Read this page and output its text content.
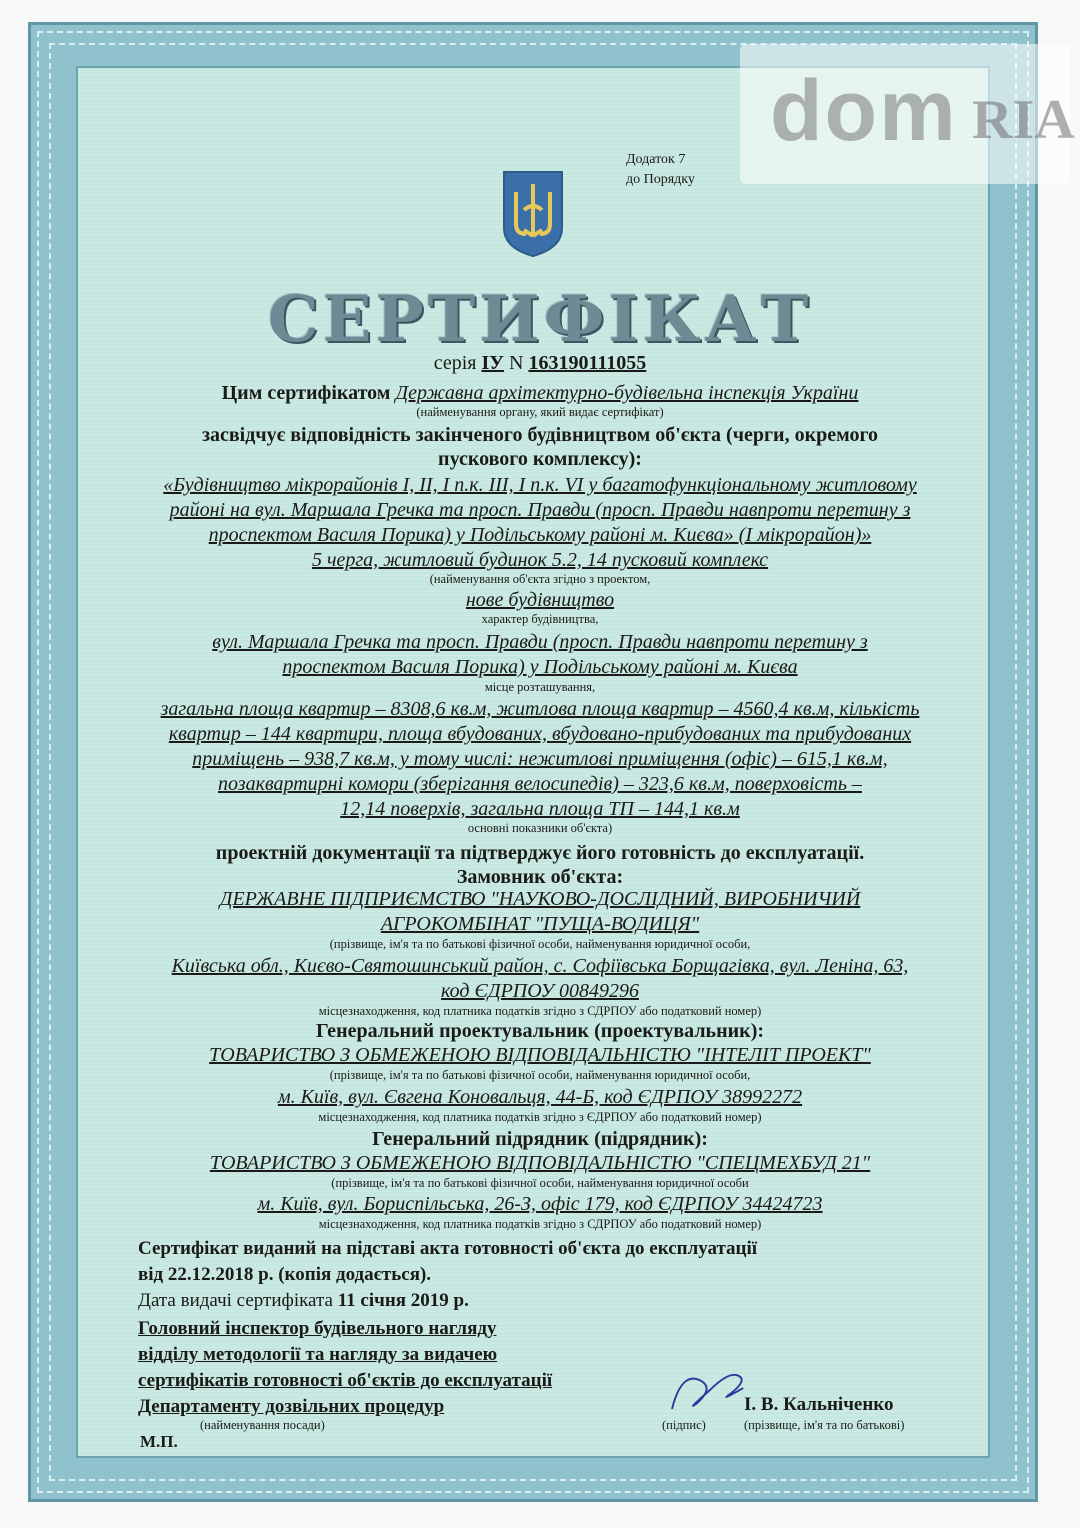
dom RIA
Додаток 7
до Порядку
СЕРТИФІКАТ
серія ІУ N 163190111055
Цим сертифікатом Державна архітектурно-будівельна інспекція України
(найменування органу, який видає сертифікат)
засвідчує відповідність закінченого будівництвом об'єкта (черги, окремого
пускового комплексу):
«Будівництво мікрорайонів І, ІІ, І п.к. ІІІ, І п.к. VI у багатофункціональному житловому
районі на вул. Маршала Гречка та просп. Правди (просп. Правди навпроти перетину з
проспектом Василя Порика) у Подільському районі м. Києва» (І мікрорайон)»
5 черга, житловий будинок 5.2, 14 пусковий комплекс
(найменування об'єкта згідно з проектом,
нове будівництво
характер будівництва,
вул. Маршала Гречка та просп. Правди (просп. Правди навпроти перетину з
проспектом Василя Порика) у Подільському районі м. Києва
місце розташування,
загальна площа квартир – 8308,6 кв.м, житлова площа квартир – 4560,4 кв.м, кількість
квартир – 144 квартири, площа вбудованих, вбудовано-прибудованих та прибудованих
приміщень – 938,7 кв.м, у тому числі: нежитлові приміщення (офіс) – 615,1 кв.м,
позаквартирні комори (зберігання велосипедів) – 323,6 кв.м, поверховість –
12,14 поверхів, загальна площа ТП – 144,1 кв.м
основні показники об'єкта)
проектній документації та підтверджує його готовність до експлуатації.
Замовник об'єкта:
ДЕРЖАВНЕ ПІДПРИЄМСТВО "НАУКОВО-ДОСЛІДНИЙ, ВИРОБНИЧИЙ
АГРОКОМБІНАТ "ПУЩА-ВОДИЦЯ"
(прізвище, ім'я та по батькові фізичної особи, найменування юридичної особи,
Київська обл., Києво-Святошинський район, с. Софіївська Борщагівка, вул. Леніна, 63,
код ЄДРПОУ 00849296
місцезнаходження, код платника податків згідно з СДРПОУ або податковий номер)
Генеральний проектувальник (проектувальник):
ТОВАРИСТВО З ОБМЕЖЕНОЮ ВІДПОВІДАЛЬНІСТЮ "ІНТЕЛІТ ПРОЕКТ"
(прізвище, ім'я та по батькові фізичної особи, найменування юридичної особи,
м. Київ, вул. Євгена Коновальця, 44-Б, код ЄДРПОУ 38992272
місцезнаходження, код платника податків згідно з ЄДРПОУ або податковий номер)
Генеральний підрядник (підрядник):
ТОВАРИСТВО З ОБМЕЖЕНОЮ ВІДПОВІДАЛЬНІСТЮ "СПЕЦМЕХБУД 21"
(прізвище, ім'я та по батькові фізичної особи, найменування юридичної особи
м. Київ, вул. Бориспільська, 26-З, офіс 179, код ЄДРПОУ 34424723
місцезнаходження, код платника податків згідно з СДРПОУ або податковий номер)
Сертифікат виданий на підставі акта готовності об'єкта до експлуатації
від 22.12.2018 р. (копія додається).
Дата видачі сертифіката 11 січня 2019 р.
Головний інспектор будівельного нагляду
відділу методології та нагляду за видачею
сертифікатів готовності об'єктів до експлуатації
Департаменту дозвільних процедур
(найменування посади)	(підпис)
І. В. Кальніченко
(прізвище, ім'я та по батькові)
М.П.
